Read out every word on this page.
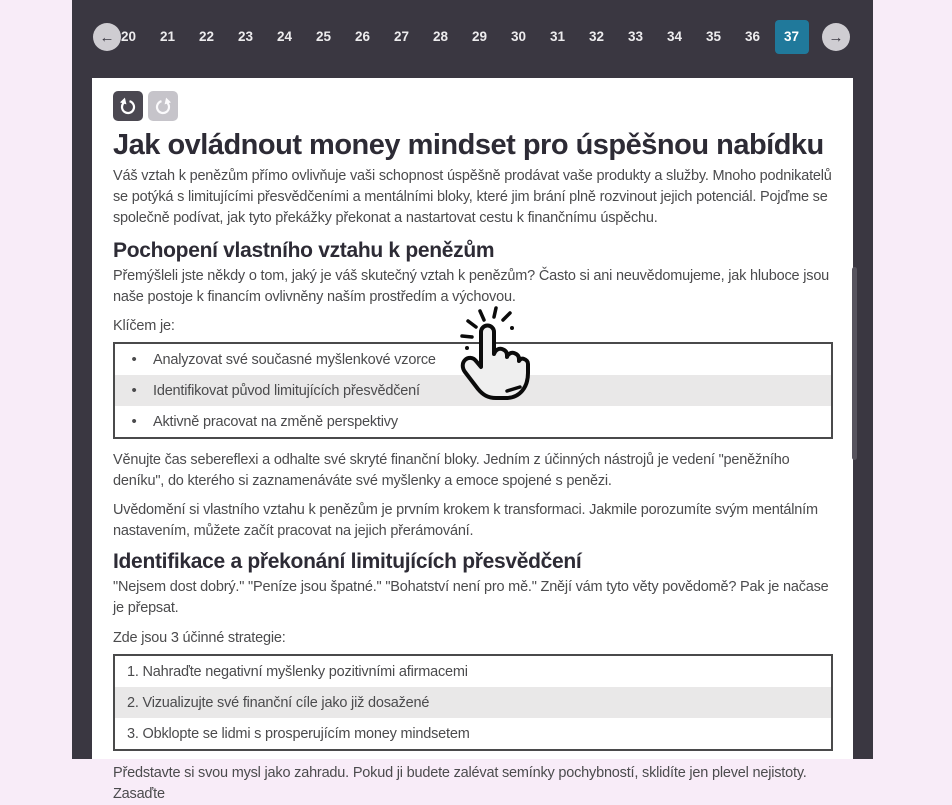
20	21	22	23	24	25	26	27	28	29	30	31	32	33	34	35	36	37
←	→
Jak ovládnout money mindset pro úspěšnou nabídku

Váš vztah k penězům přímo ovlivňuje vaši schopnost úspěšně prodávat vaše produkty a služby. Mnoho podnikatelů se potýká s limitujícími přesvědčeními a mentálními bloky, které jim brání plně rozvinout jejich potenciál. Pojďme se společně podívat, jak tyto překážky překonat a nastartovat cestu k finančnímu úspěchu.

Pochopení vlastního vztahu k penězům

Přemýšleli jste někdy o tom, jaký je váš skutečný vztah k penězům? Často si ani neuvědomujeme, jak hluboce jsou naše postoje k financím ovlivněny naším prostředím a výchovou.

Klíčem je:

• Analyzovat své současné myšlenkové vzorce
• Identifikovat původ limitujících přesvědčení
• Aktivně pracovat na změně perspektivy

Věnujte čas sebereflexi a odhalte své skryté finanční bloky. Jedním z účinných nástrojů je vedení "peněžního deníku", do kterého si zaznamenáváte své myšlenky a emoce spojené s penězi.

Uvědomění si vlastního vztahu k penězům je prvním krokem k transformaci. Jakmile porozumíte svým mentálním nastavením, můžete začít pracovat na jejich přerámování.

Identifikace a překonání limitujících přesvědčení

"Nejsem dost dobrý." "Peníze jsou špatné." "Bohatství není pro mě." Znějí vám tyto věty povědomě? Pak je načase je přepsat.

Zde jsou 3 účinné strategie:

1. Nahraďte negativní myšlenky pozitivními afirmacemi
2. Vizualizujte své finanční cíle jako již dosažené
3. Obklopte se lidmi s prosperujícím money mindsetem

Představte si svou mysl jako zahradu. Pokud ji budete zalévat semínky pochybností, sklidíte jen plevel nejistoty. Zasaďte
